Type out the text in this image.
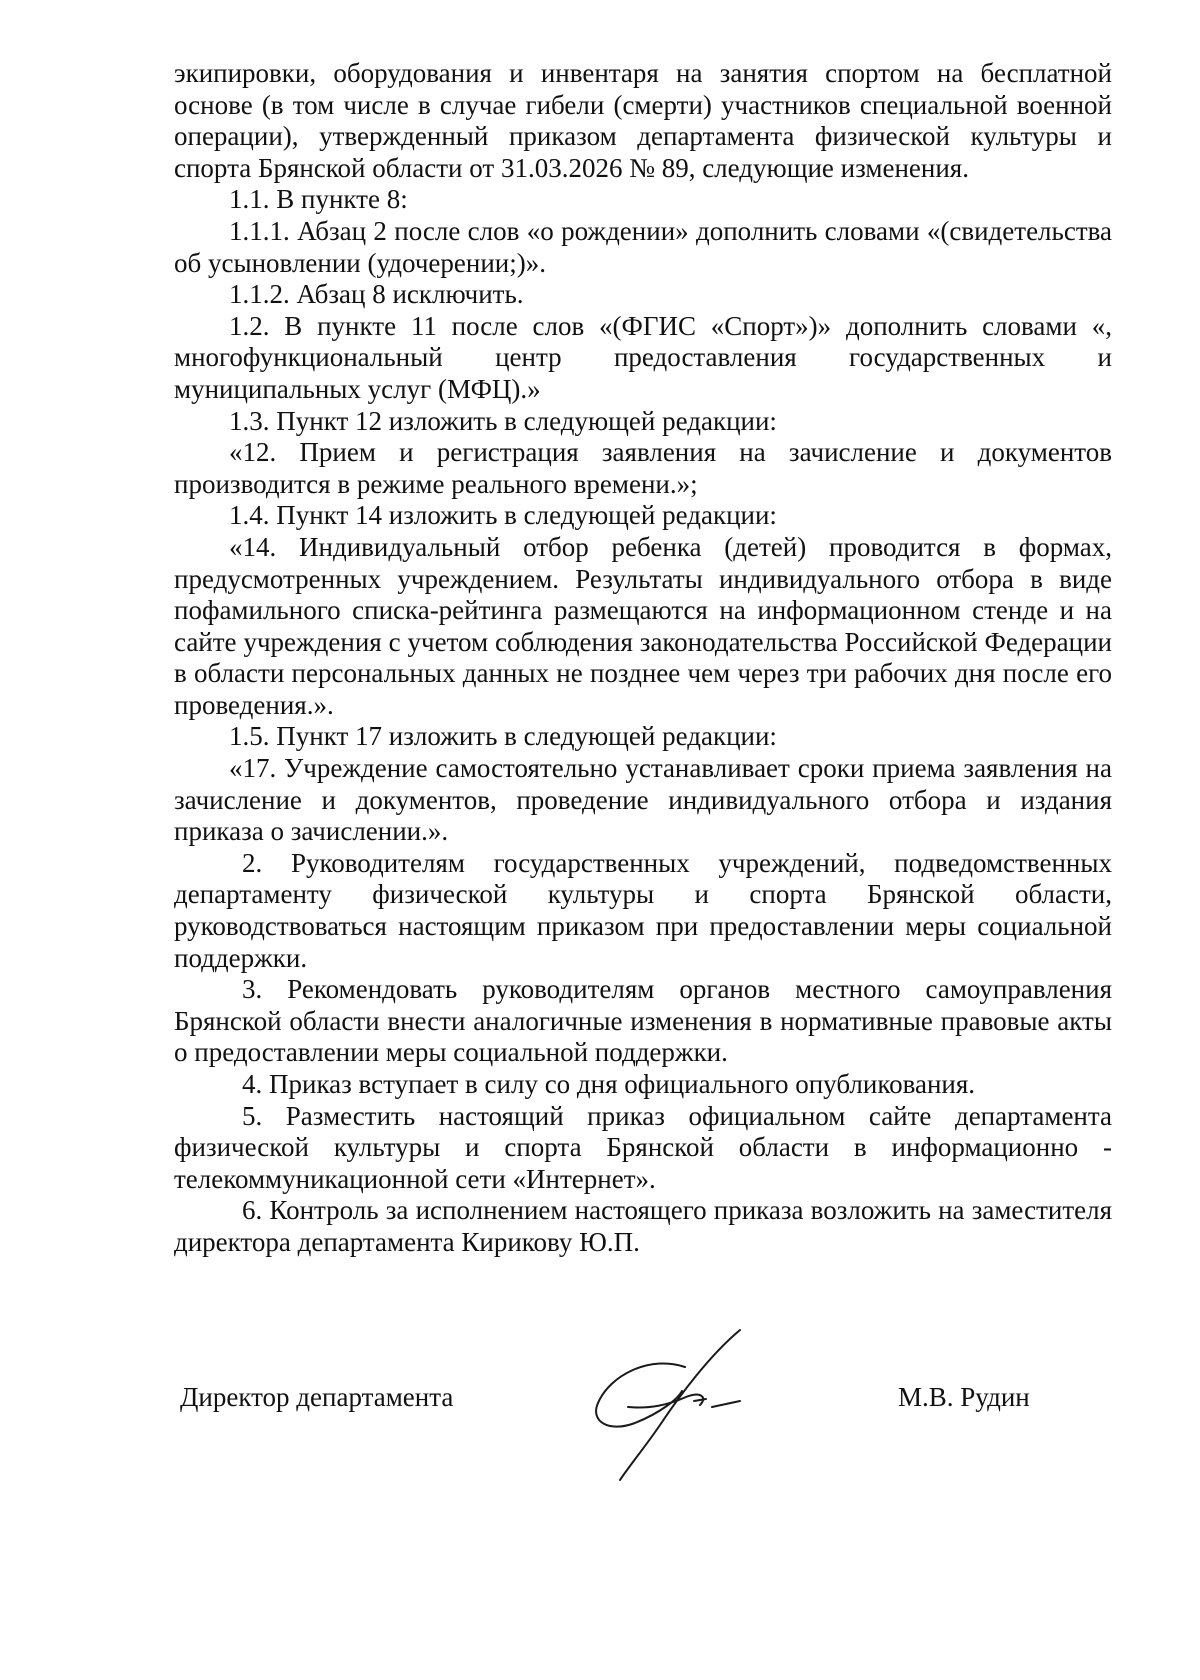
экипировки, оборудования и инвентаря на занятия спортом на бесплатной основе (в том числе в случае гибели (смерти) участников специальной военной операции), утвержденный приказом департамента физической культуры и спорта Брянской области от 31.03.2026 № 89, следующие изменения.

1.1. В пункте 8:

1.1.1. Абзац 2 после слов «о рождении» дополнить словами «(свидетельства об усыновлении (удочерении;)».

1.1.2. Абзац 8 исключить.

1.2. В пункте 11 после слов «(ФГИС «Спорт»)» дополнить словами «, многофункциональный центр предоставления государственных и муниципальных услуг (МФЦ).»

1.3. Пункт 12 изложить в следующей редакции:

«12. Прием и регистрация заявления на зачисление и документов производится в режиме реального времени.»;

1.4. Пункт 14 изложить в следующей редакции:

«14. Индивидуальный отбор ребенка (детей) проводится в формах, предусмотренных учреждением. Результаты индивидуального отбора в виде пофамильного списка-рейтинга размещаются на информационном стенде и на сайте учреждения с учетом соблюдения законодательства Российской Федерации в области персональных данных не позднее чем через три рабочих дня после его проведения.».

1.5. Пункт 17 изложить в следующей редакции:

«17. Учреждение самостоятельно устанавливает сроки приема заявления на зачисление и документов, проведение индивидуального отбора и издания приказа о зачислении.».

2. Руководителям государственных учреждений, подведомственных департаменту физической культуры и спорта Брянской области, руководствоваться настоящим приказом при предоставлении меры социальной поддержки.

3. Рекомендовать руководителям органов местного самоуправления Брянской области внести аналогичные изменения в нормативные правовые акты о предоставлении меры социальной поддержки.

4. Приказ вступает в силу со дня официального опубликования.

5. Разместить настоящий приказ официальном сайте департамента физической культуры и спорта Брянской области в информационно - телекоммуникационной сети «Интернет».

6. Контроль за исполнением настоящего приказа возложить на заместителя директора департамента Кирикову Ю.П.

Директор департамента	М.В. Рудин
